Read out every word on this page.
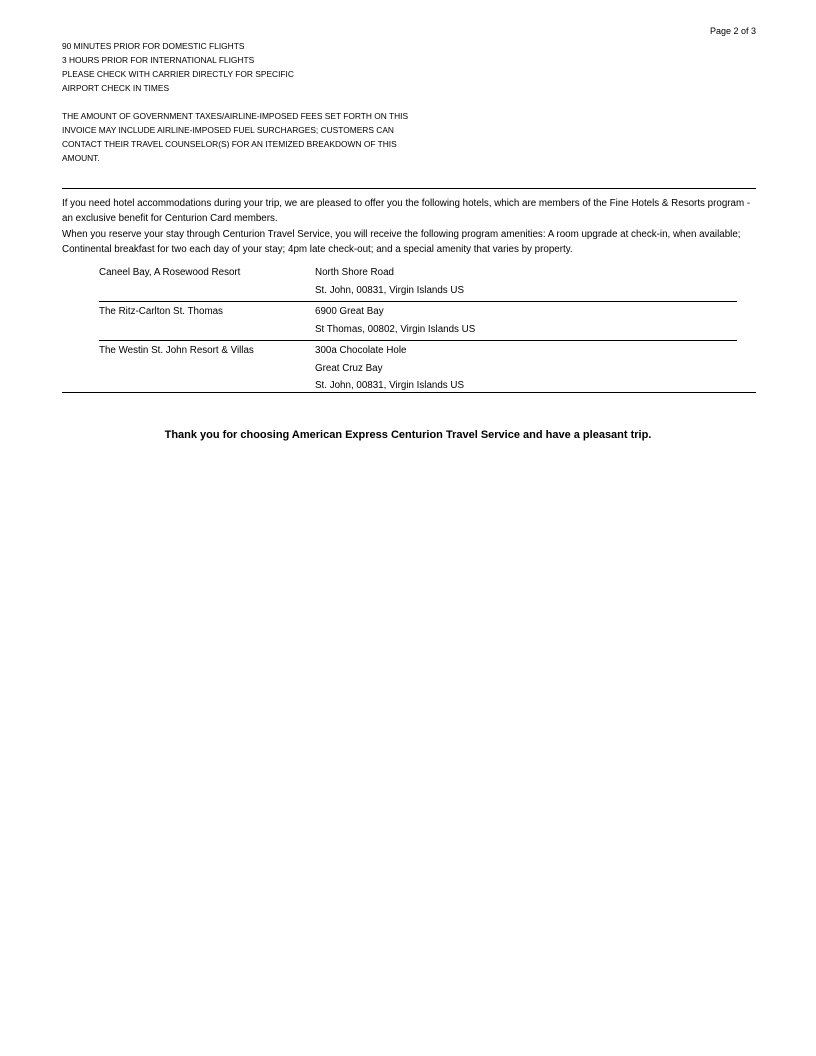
Page 2 of 3
90 MINUTES PRIOR FOR DOMESTIC FLIGHTS
3 HOURS PRIOR FOR INTERNATIONAL FLIGHTS
PLEASE CHECK WITH CARRIER DIRECTLY FOR SPECIFIC
AIRPORT CHECK IN TIMES
THE AMOUNT OF GOVERNMENT TAXES/AIRLINE-IMPOSED FEES SET FORTH ON THIS
INVOICE MAY INCLUDE AIRLINE-IMPOSED FUEL SURCHARGES; CUSTOMERS CAN
CONTACT THEIR TRAVEL COUNSELOR(S) FOR AN ITEMIZED BREAKDOWN OF THIS
AMOUNT.

If you need hotel accommodations during your trip, we are pleased to offer you the following hotels, which are members of the Fine Hotels & Resorts program - an exclusive benefit for Centurion Card members.

When you reserve your stay through Centurion Travel Service, you will receive the following program amenities: A room upgrade at check-in, when available; Continental breakfast for two each day of your stay; 4pm late check-out; and a special amenity that varies by property.

Caneel Bay, A Rosewood Resort	North Shore Road
St. John, 00831, Virgin Islands US
The Ritz-Carlton St. Thomas	6900 Great Bay
St Thomas, 00802, Virgin Islands US
The Westin St. John Resort & Villas	300a Chocolate Hole
Great Cruz Bay
St. John, 00831, Virgin Islands US
Thank you for choosing American Express Centurion Travel Service and have a pleasant trip.
